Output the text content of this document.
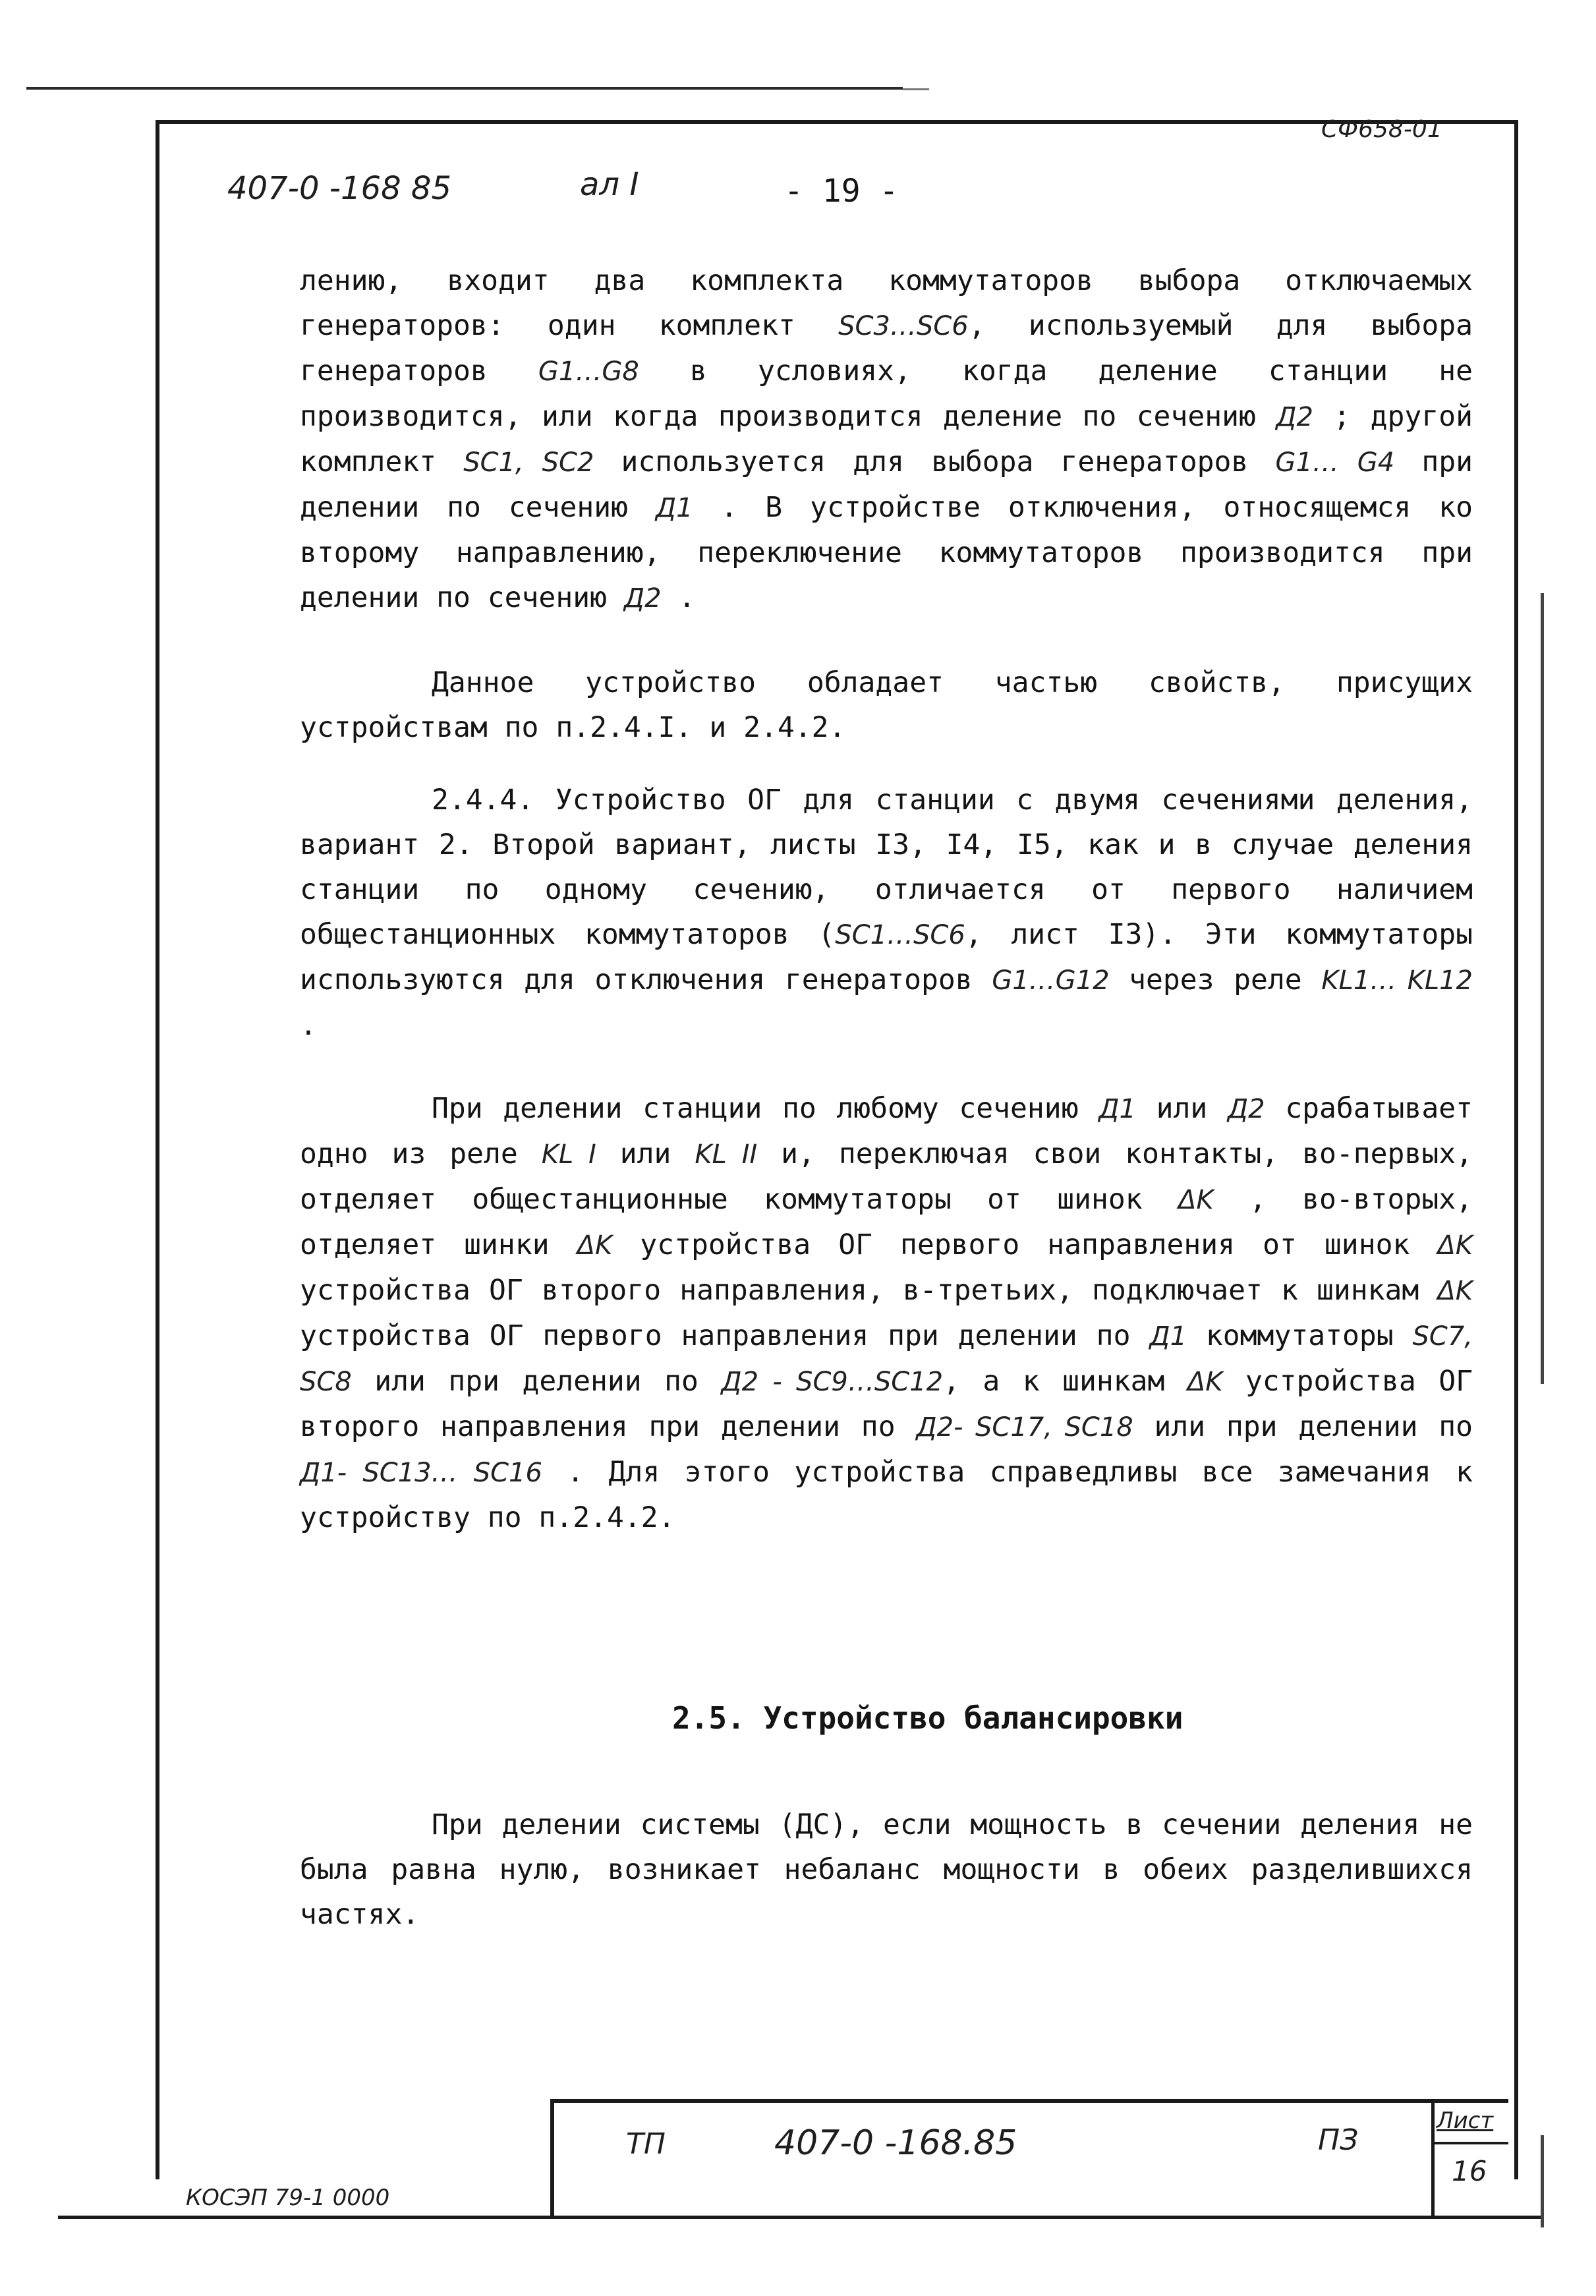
СФ658-01
407-0 -168 85	ал I	- 19 -

лению, входит два комплекта коммутаторов выбора отключаемых генераторов: один комплект SC3…SC6, используемый для выбора генераторов G1…G8 в условиях, когда деление станции не производится, или когда производится деление по сечению Д2 ; другой комплект SC1, SC2 используется для выбора генераторов G1… G4 при делении по сечению Д1 . В устройстве отключения, относящемся ко второму направлению, переключение коммутаторов производится при делении по сечению Д2 .

Данное устройство обладает частью свойств, присущих устройствам по п.2.4.I. и 2.4.2.

2.4.4. Устройство ОГ для станции с двумя сечениями деления, вариант 2. Второй вариант, листы I3, I4, I5, как и в случае деления станции по одному сечению, отличается от первого наличием общестанционных коммутаторов (SC1…SC6, лист I3). Эти коммутаторы используются для отключения генераторов G1…G12 через реле KL1… KL12 .

При делении станции по любому сечению Д1 или Д2 срабатывает одно из реле KL I или KL II и, переключая свои контакты, во-первых, отделяет общестанционные коммутаторы от шинок ΔK , во-вторых, отделяет шинки ΔK устройства ОГ первого направления от шинок ΔK устройства ОГ второго направления, в-третьих, подключает к шинкам ΔK устройства ОГ первого направления при делении по Д1 коммутаторы SC7, SC8 или при делении по Д2 - SC9…SC12, а к шинкам ΔK устройства ОГ второго направления при делении по Д2- SC17, SC18 или при делении по Д1- SC13… SC16 . Для этого устройства справедливы все замечания к устройству по п.2.4.2.

2.5. Устройство балансировки

При делении системы (ДС), если мощность в сечении деления не была равна нулю, возникает небаланс мощности в обеих разделившихся частях.

ТП	407-0 -168.85	ПЗ
Лист
16
КОСЭП 79-1 0000
